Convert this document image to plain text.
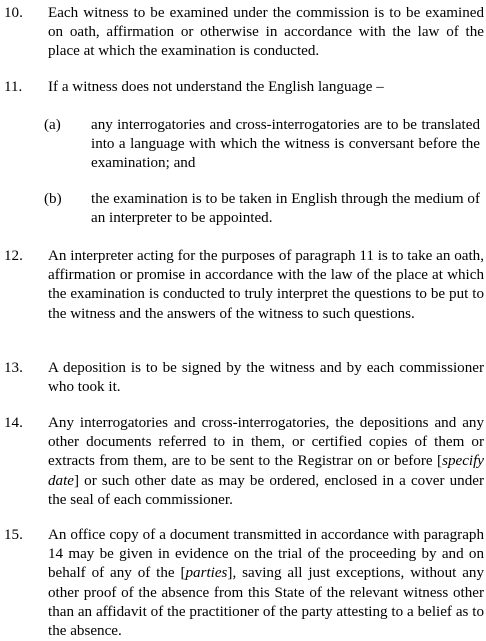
10. Each witness to be examined under the commission is to be examined on oath, affirmation or otherwise in accordance with the law of the place at which the examination is conducted.
11. If a witness does not understand the English language –
(a) any interrogatories and cross-interrogatories are to be translated into a language with which the witness is conversant before the examination; and
(b) the examination is to be taken in English through the medium of an interpreter to be appointed.
12. An interpreter acting for the purposes of paragraph 11 is to take an oath, affirmation or promise in accordance with the law of the place at which the examination is conducted to truly interpret the questions to be put to the witness and the answers of the witness to such questions.
13. A deposition is to be signed by the witness and by each commissioner who took it.
14. Any interrogatories and cross-interrogatories, the depositions and any other documents referred to in them, or certified copies of them or extracts from them, are to be sent to the Registrar on or before [specify date] or such other date as may be ordered, enclosed in a cover under the seal of each commissioner.
15. An office copy of a document transmitted in accordance with paragraph 14 may be given in evidence on the trial of the proceeding by and on behalf of any of the [parties], saving all just exceptions, without any other proof of the absence from this State of the relevant witness other than an affidavit of the practitioner of the party attesting to a belief as to the absence.
